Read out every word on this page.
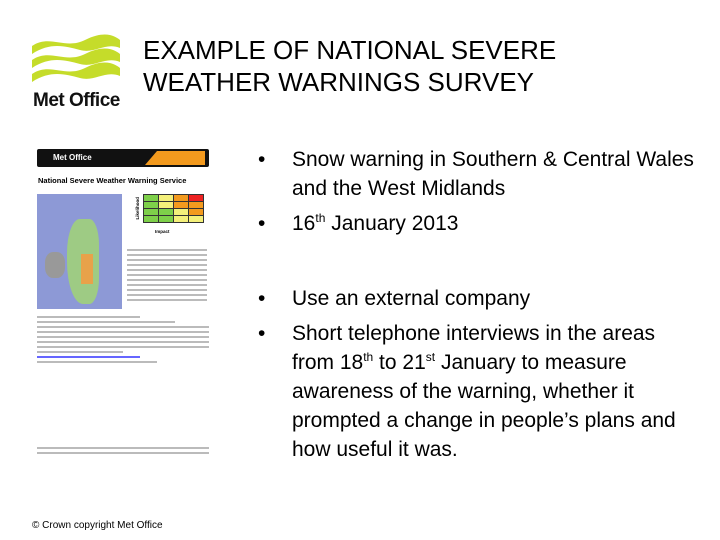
Met Office
EXAMPLE OF NATIONAL SEVERE WEATHER WARNINGS SURVEY
Met Office
National Severe Weather Warning Service
Likelihood
Impact
• Snow warning in Southern & Central Wales and the West Midlands
• 16th January 2013
• Use an external company
• Short telephone interviews in the areas from 18th to 21st January to measure awareness of the warning, whether it prompted a change in people’s plans and how useful it was.
© Crown copyright Met Office
